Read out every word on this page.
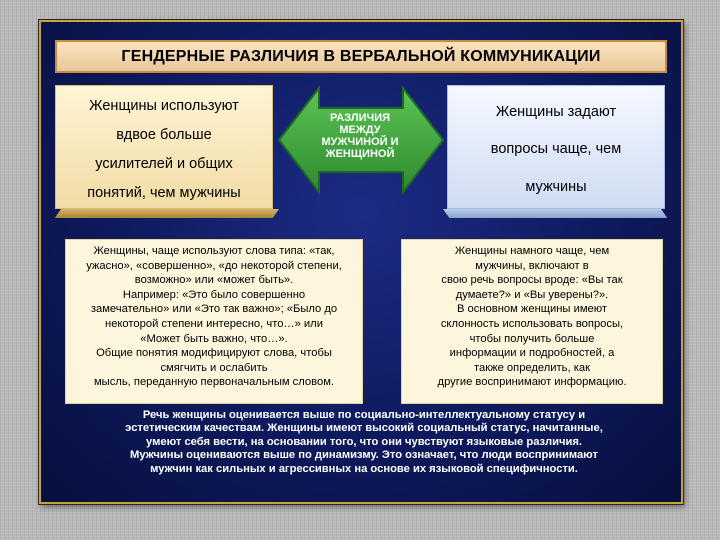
ГЕНДЕРНЫЕ РАЗЛИЧИЯ В ВЕРБАЛЬНОЙ КОММУНИКАЦИИ
Женщины используют
вдвое больше
усилителей и общих
понятий, чем мужчины
РАЗЛИЧИЯ
МЕЖДУ
МУЖЧИНОЙ И
ЖЕНЩИНОЙ
Женщины задают
вопросы чаще, чем
мужчины
Женщины, чаще используют слова типа: «так,
ужасно», «совершенно», «до некоторой степени,
возможно» или «может быть».
Например: «Это было совершенно
замечательно» или «Это так важно»; «Было до
некоторой степени интересно, что…» или
«Может быть важно, что…».
Общие понятия модифицируют слова, чтобы
смягчить и ослабить
мысль, переданную первоначальным словом.
Женщины намного чаще, чем
мужчины, включают в
свою речь вопросы вроде: «Вы так
думаете?» и «Вы уверены?».
В основном женщины имеют
склонность использовать вопросы,
чтобы получить больше
информации и подробностей, а
также определить, как
другие воспринимают информацию.
Речь женщины оценивается выше по социально-интеллектуальному статусу и
эстетическим качествам. Женщины имеют высокий социальный статус, начитанные,
умеют себя вести, на основании того, что они чувствуют языковые различия.
Мужчины оцениваются выше по динамизму. Это означает, что люди воспринимают
мужчин как сильных и агрессивных на основе их языковой специфичности.
